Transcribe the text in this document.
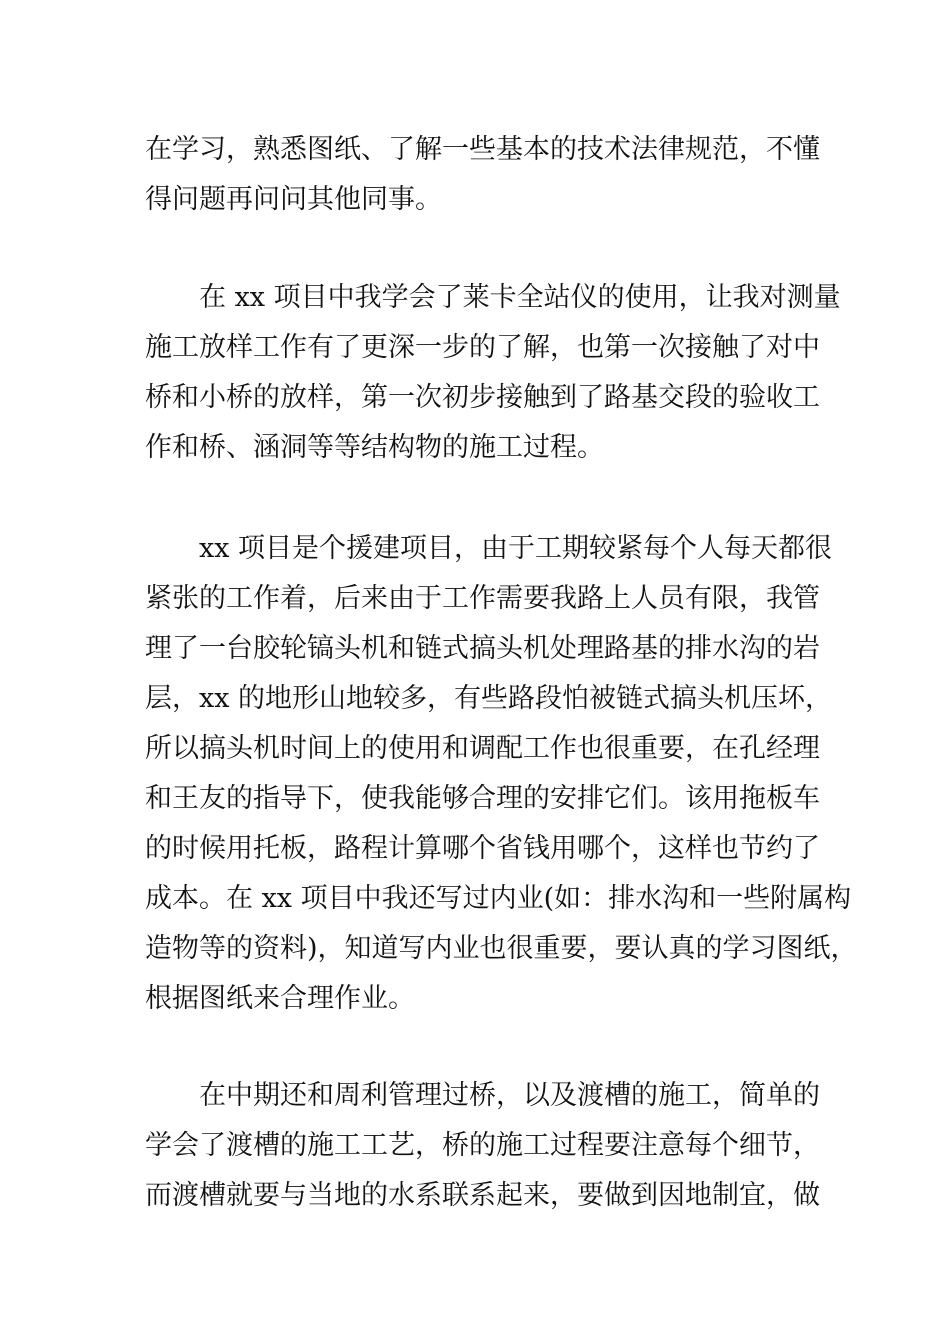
在学习，熟悉图纸、了解一些基本的技术法律规范，不懂
得问题再问问其他同事。
　　在 xx 项目中我学会了莱卡全站仪的使用，让我对测量
施工放样工作有了更深一步的了解，也第一次接触了对中
桥和小桥的放样，第一次初步接触到了路基交段的验收工
作和桥、涵洞等等结构物的施工过程。
　　xx 项目是个援建项目，由于工期较紧每个人每天都很
紧张的工作着，后来由于工作需要我路上人员有限，我管
理了一台胶轮镐头机和链式搞头机处理路基的排水沟的岩
层，xx 的地形山地较多，有些路段怕被链式搞头机压坏，
所以搞头机时间上的使用和调配工作也很重要，在孔经理
和王友的指导下，使我能够合理的安排它们。该用拖板车
的时候用托板，路程计算哪个省钱用哪个，这样也节约了
成本。在 xx 项目中我还写过内业(如：排水沟和一些附属构
造物等的资料)，知道写内业也很重要，要认真的学习图纸，
根据图纸来合理作业。
　　在中期还和周利管理过桥，以及渡槽的施工，简单的
学会了渡槽的施工工艺，桥的施工过程要注意每个细节，
而渡槽就要与当地的水系联系起来，要做到因地制宜，做
